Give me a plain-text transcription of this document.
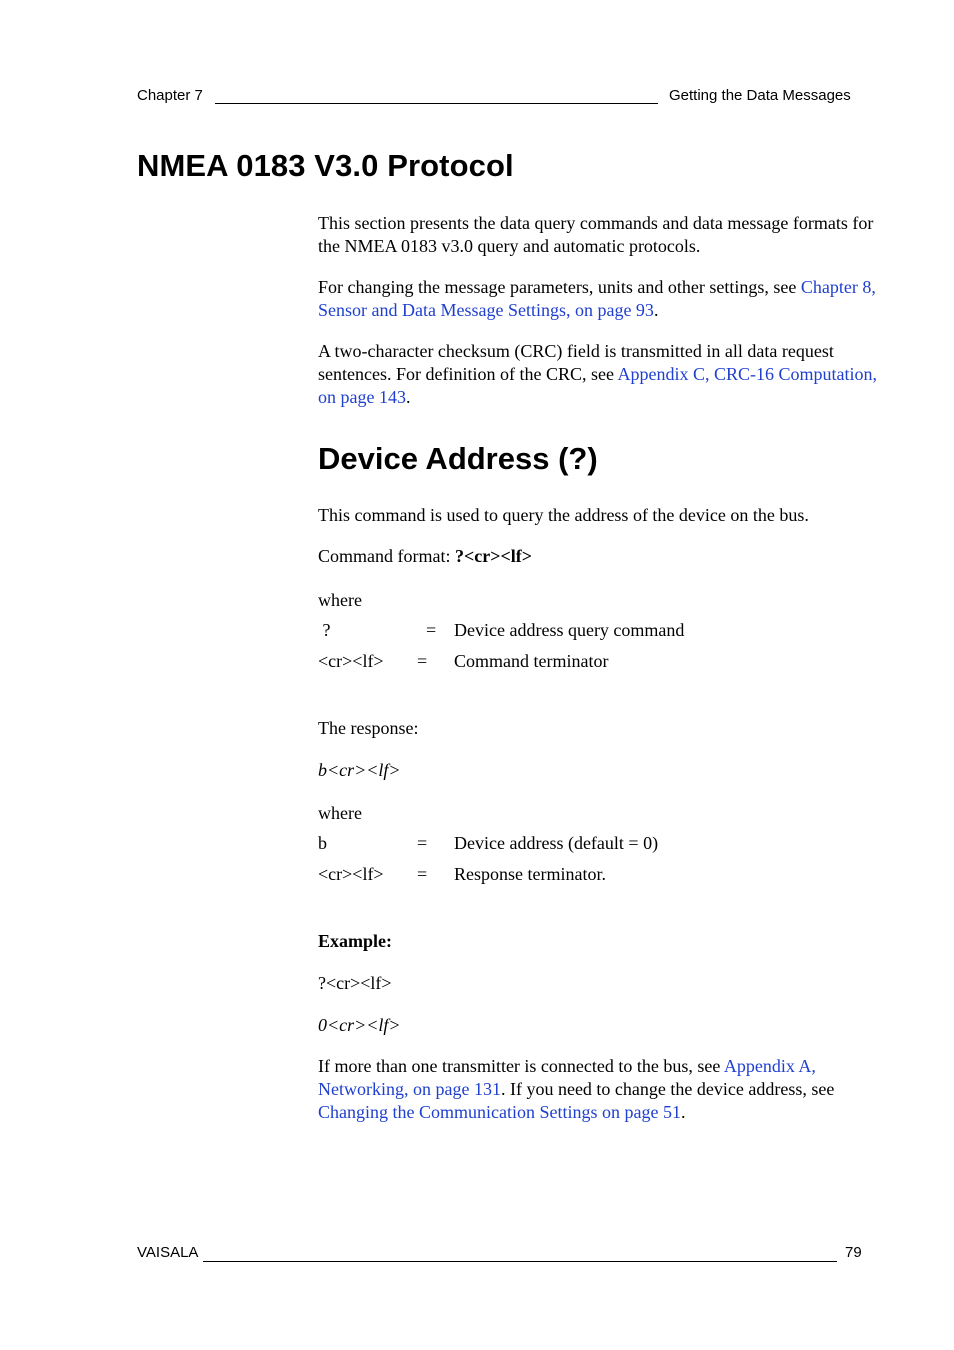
Chapter 7	Getting the Data Messages
NMEA 0183 V3.0 Protocol

This section presents the data query commands and data message formats for the NMEA 0183 v3.0 query and automatic protocols.

For changing the message parameters, units and other settings, see Chapter 8, Sensor and Data Message Settings, on page 93.

A two-character checksum (CRC) field is transmitted in all data request sentences. For definition of the CRC, see Appendix C, CRC-16 Computation, on page 143.

Device Address (?)

This command is used to query the address of the device on the bus.

Command format: ?<cr><lf>

where

?	= Device address query command
<cr><lf> = Command terminator

The response:

b<cr><lf>

where

b	= Device address (default = 0)
<cr><lf> = Response terminator.

Example:

?<cr><lf>

0<cr><lf>

If more than one transmitter is connected to the bus, see Appendix A, Networking, on page 131. If you need to change the device address, see Changing the Communication Settings on page 51.

VAISALA	79
